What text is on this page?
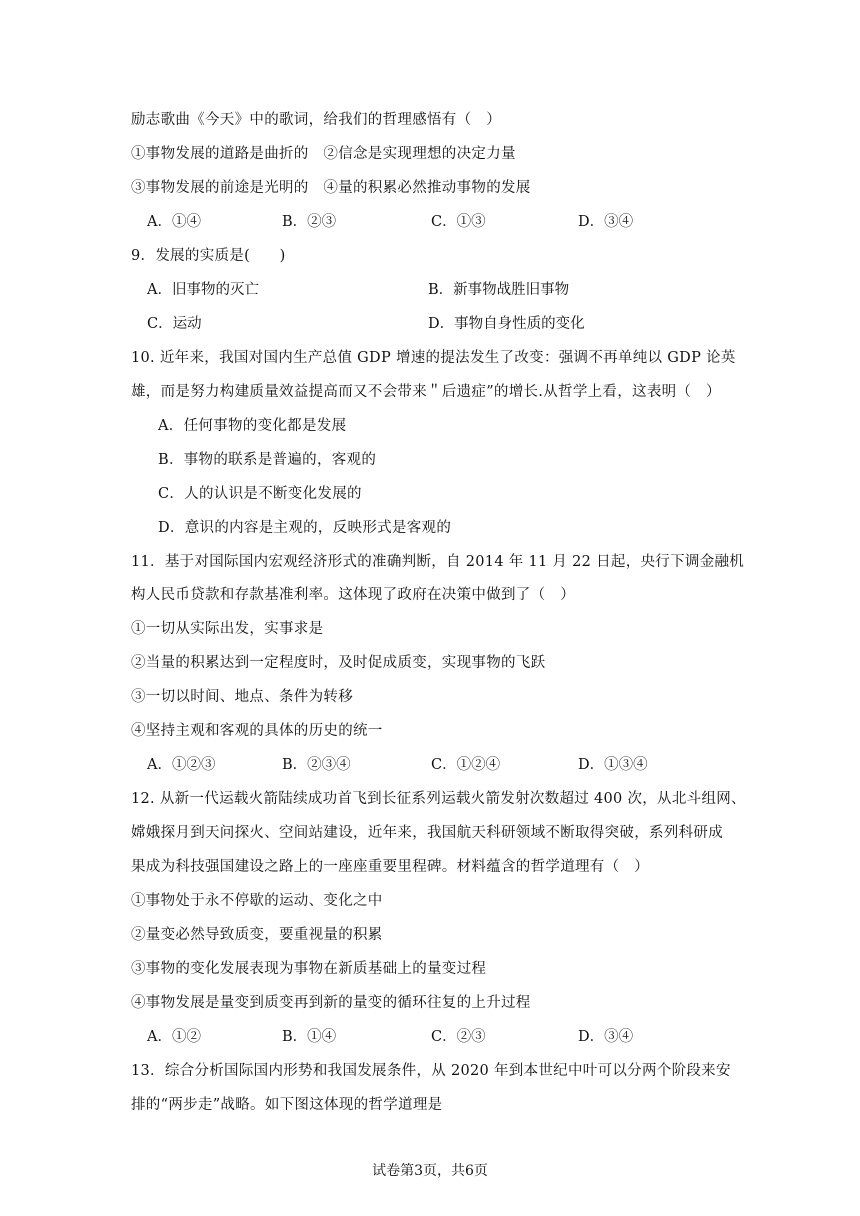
励志歌曲《今天》中的歌词，给我们的哲理感悟有（　）
①事物发展的道路是曲折的　②信念是实现理想的决定力量
③事物发展的前途是光明的　④量的积累必然推动事物的发展
A．①④	B．②③	C．①③	D．③④
9．发展的实质是(　　)
A．旧事物的灭亡	B．新事物战胜旧事物
C．运动	D．事物自身性质的变化
10. 近年来，我国对国内生产总值 GDP 增速的提法发生了改变：强调不再单纯以 GDP 论英
雄，而是努力构建质量效益提高而又不会带来＂后遗症”的增长.从哲学上看，这表明（　）
A．任何事物的变化都是发展
B．事物的联系是普遍的，客观的
C．人的认识是不断变化发展的
D．意识的内容是主观的，反映形式是客观的
11．基于对国际国内宏观经济形式的准确判断，自 2014 年 11 月 22 日起，央行下调金融机
构人民币贷款和存款基准利率。这体现了政府在决策中做到了（　）
①一切从实际出发，实事求是
②当量的积累达到一定程度时，及时促成质变，实现事物的飞跃
③一切以时间、地点、条件为转移
④坚持主观和客观的具体的历史的统一
A．①②③	B．②③④	C．①②④	D．①③④
12. 从新一代运载火箭陆续成功首飞到长征系列运载火箭发射次数超过 400 次，从北斗组网、
嫦娥探月到天问探火、空间站建设，近年来，我国航天科研领域不断取得突破，系列科研成
果成为科技强国建设之路上的一座座重要里程碑。材料蕴含的哲学道理有（　）
①事物处于永不停歇的运动、变化之中
②量变必然导致质变，要重视量的积累
③事物的变化发展表现为事物在新质基础上的量变过程
④事物发展是量变到质变再到新的量变的循环往复的上升过程
A．①②	B．①④	C．②③	D．③④
13．综合分析国际国内形势和我国发展条件，从 2020 年到本世纪中叶可以分两个阶段来安
排的“两步走”战略。如下图这体现的哲学道理是
试卷第3页，共6页
